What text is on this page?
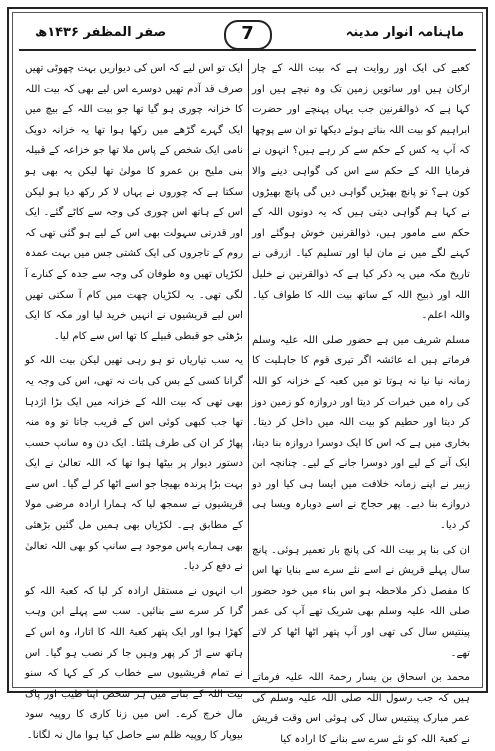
صفر المظفر ۱۴۳۶ھ	7	ماہنامہ انوار مدینہ

کعبے کی ایک اور روایت ہے کہ بیت اللہ کے چار ارکان ہیں اور ساتویں زمین تک وہ نیچے ہیں اور کہا ہے کہ ذوالقرنین جب یہاں پہنچے اور حضرت ابراہیم کو بیت اللہ بناتے ہوئے دیکھا تو ان سے پوچھا کہ آپ یہ کس کے حکم سے کر رہے ہیں؟ انہوں نے فرمایا اللہ کے حکم سے اس کی گواہی دینے والا کون ہے؟ تو پانچ بھیڑیں گواہی دیں گی پانچ بھیڑوں نے کہا ہم گواہی دیتی ہیں کہ یہ دونوں اللہ کے حکم سے مامور ہیں، ذوالقرنین خوش ہوگئے اور کہنے لگے میں نے مان لیا اور تسلیم کیا۔ ازرقی نے تاریخ مکہ میں یہ ذکر کیا ہے کہ ذوالقرنین نے خلیل اللہ اور ذبیح اللہ کے ساتھ بیت اللہ کا طواف کیا۔ واللہ اعلم۔

مسلم شریف میں ہے حضور صلی اللہ علیہ وسلم فرماتے ہیں اے عائشہ اگر تیری قوم کا جاہلیت کا زمانہ نیا نیا نہ ہوتا تو میں کعبہ کے خزانہ کو اللہ کی راہ میں خیرات کر دیتا اور دروازہ کو زمین دوز کر دیتا اور حطیم کو بیت اللہ میں داخل کر دیتا۔ بخاری میں ہے کہ اس کا ایک دوسرا دروازہ بنا دیتا، ایک آنے کے لیے اور دوسرا جانے کے لیے۔ چنانچہ ابن زبیر نے اپنے زمانہ خلافت میں ایسا ہی کیا اور دو دروازے بنا دیے۔ پھر حجاج نے اسے دوبارہ ویسا ہی کر دیا۔

ان کی بنا پر بیت اللہ کی پانچ بار تعمیر ہوئی۔ پانچ سال پہلے قریش نے اسے نئے سرے سے بنایا تھا اس کا مفصل ذکر ملاحظہ ہو اس بناء میں خود حضور صلی اللہ علیہ وسلم بھی شریک تھے آپ کی عمر پینتیس سال کی تھی اور آپ پتھر اٹھا اٹھا کر لاتے تھے۔

محمد بن اسحاق بن یسار رحمۃ اللہ علیہ فرماتے ہیں کہ جب رسول اللہ صلی اللہ علیہ وسلم کی عمر مبارک پینتیس سال کی ہوئی اس وقت قریش نے کعبۃ اللہ کو نئے سرے سے بنانے کا ارادہ کیا

ایک تو اس لیے کہ اس کی دیواریں بہت چھوٹی تھیں صرف قد آدم تھیں دوسرے اس لیے بھی کہ بیت اللہ کا خزانہ چوری ہو گیا تھا جو بیت اللہ کے بیچ میں ایک گہرے گڑھے میں رکھا ہوا تھا یہ خزانہ دویک نامی ایک شخص کے پاس ملا تھا جو خزاعہ کے قبیلہ بنی ملیح بن عمرو کا مولیٰ تھا لیکن یہ بھی ہو سکتا ہے کہ چوروں نے یہاں لا کر رکھ دیا ہو لیکن اس کے ہاتھ اس چوری کی وجہ سے کاٹے گئے۔ ایک اور قدرتی سہولت بھی اس کے لیے ہو گئی تھی کہ روم کے تاجروں کی ایک کشتی جس میں بہت عمدہ لکڑیاں تھیں وہ طوفان کی وجہ سے جدہ کے کنارے آ لگی تھی۔ یہ لکڑیاں چھت میں کام آ سکتی تھیں اس لیے قریشیوں نے انہیں خرید لیا اور مکہ کا ایک بڑھئی جو قبطی قبیلے کا تھا اس سے کام لیا۔

یہ سب تیاریاں تو ہو رہی تھیں لیکن بیت اللہ کو گرانا کسی کے بس کی بات نہ تھی، اس کی وجہ یہ بھی تھی کہ بیت اللہ کے خزانہ میں ایک بڑا اژدہا تھا جب کبھی کوئی اس کے قریب جاتا تو وہ منہ پھاڑ کر ان کی طرف پلٹتا۔ ایک دن وہ سانپ حسب دستور دیوار پر بیٹھا ہوا تھا کہ اللہ تعالیٰ نے ایک بہت بڑا پرندہ بھیجا جو اسے اٹھا کر لے گیا۔ اس سے قریشیوں نے سمجھ لیا کہ ہمارا ارادہ مرضی مولا کے مطابق ہے۔ لکڑیاں بھی ہمیں مل گئیں بڑھئی بھی ہمارے پاس موجود ہے سانپ کو بھی اللہ تعالیٰ نے دفع کر دیا۔

اب انہوں نے مستقل ارادہ کر لیا کہ کعبۃ اللہ کو گرا کر سرے سے بنائیں۔ سب سے پہلے ابن وہب کھڑا ہوا اور ایک پتھر کعبۃ اللہ کا اتارا، وہ اس کے ہاتھ سے اڑ کر پھر وہیں جا کر نصب ہو گیا۔ اس نے تمام قریشیوں سے خطاب کر کے کہا کہ سنو بیت اللہ کے بنانے میں ہر شخص اپنا طیب اور پاک مال خرچ کرے۔ اس میں زنا کاری کا روپیہ سود بیوپار کا روپیہ ظلم سے حاصل کیا ہوا مال نہ لگانا۔
